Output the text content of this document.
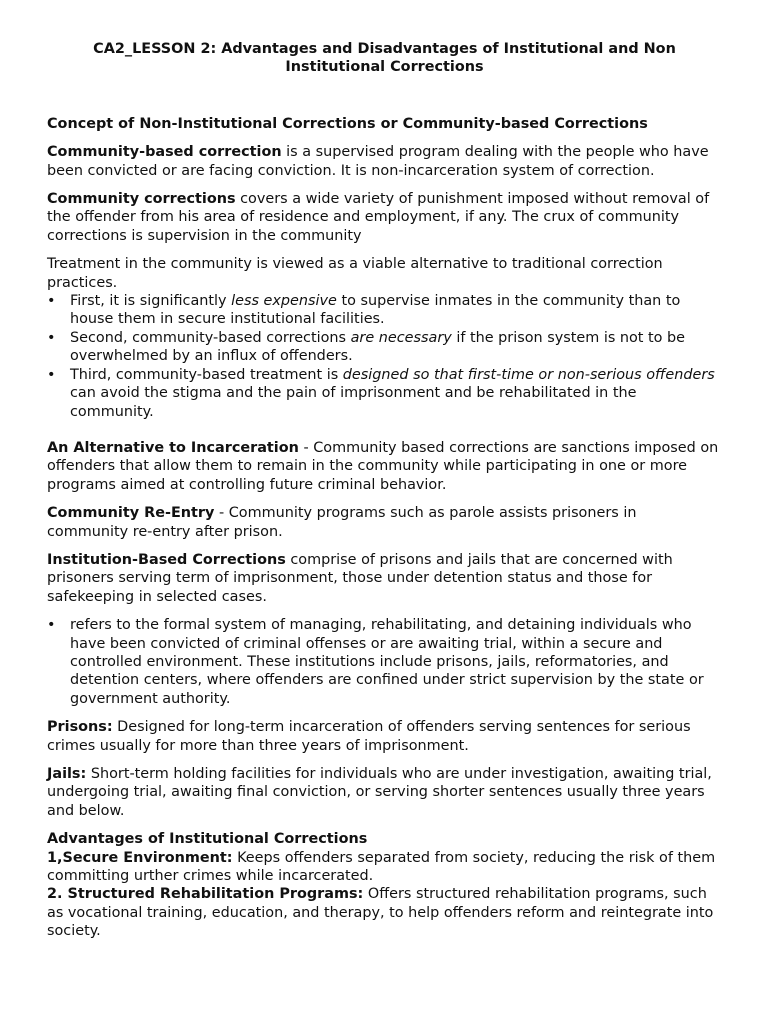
CA2_LESSON 2: Advantages and Disadvantages of Institutional and Non Institutional Corrections
Concept of Non-Institutional Corrections or Community-based Corrections
Community-based correction is a supervised program dealing with the people who have been convicted or are facing conviction. It is non-incarceration system of correction.
Community corrections covers a wide variety of punishment imposed without removal of the offender from his area of residence and employment, if any. The crux of community corrections is supervision in the community
Treatment in the community is viewed as a viable alternative to traditional correction practices.
• First, it is significantly less expensive to supervise inmates in the community than to house them in secure institutional facilities.
• Second, community-based corrections are necessary if the prison system is not to be overwhelmed by an influx of offenders.
• Third, community-based treatment is designed so that first-time or non-serious offenders can avoid the stigma and the pain of imprisonment and be rehabilitated in the community.
An Alternative to Incarceration - Community based corrections are sanctions imposed on offenders that allow them to remain in the community while participating in one or more programs aimed at controlling future criminal behavior.
Community Re-Entry - Community programs such as parole assists prisoners in community re-entry after prison.
Institution-Based Corrections comprise of prisons and jails that are concerned with prisoners serving term of imprisonment, those under detention status and those for safekeeping in selected cases.
• refers to the formal system of managing, rehabilitating, and detaining individuals who have been convicted of criminal offenses or are awaiting trial, within a secure and controlled environment. These institutions include prisons, jails, reformatories, and detention centers, where offenders are confined under strict supervision by the state or government authority.
Prisons: Designed for long-term incarceration of offenders serving sentences for serious crimes usually for more than three years of imprisonment.
Jails: Short-term holding facilities for individuals who are under investigation, awaiting trial, undergoing trial, awaiting final conviction, or serving shorter sentences usually three years and below.
Advantages of Institutional Corrections
1,Secure Environment: Keeps offenders separated from society, reducing the risk of them committing urther crimes while incarcerated.
2. Structured Rehabilitation Programs: Offers structured rehabilitation programs, such as vocational training, education, and therapy, to help offenders reform and reintegrate into society.
